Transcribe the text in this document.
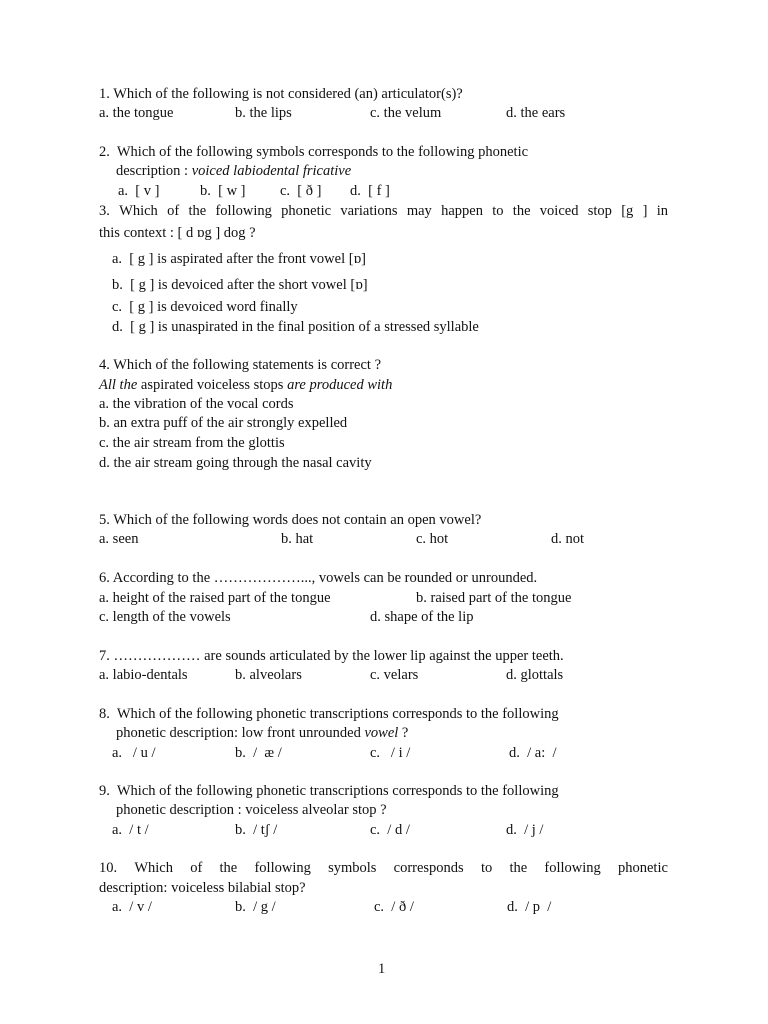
1. Which of the following is not considered (an) articulator(s)?
a. the tongue	b. the lips	c. the velum	d. the ears
2.  Which of the following symbols corresponds to the following phonetic
description : voiced labiodental fricative
a.  [ v ]	b.  [ w ] c.  [ ð ] d.  [ f ]
3. Which of the following phonetic variations may happen to the voiced stop [g ] in
this context : [ d ɒg ] dog ?
a.  [ g ] is aspirated after the front vowel [ɒ]
b.  [ g ] is devoiced after the short vowel [ɒ]
c.  [ g ] is devoiced word finally
d.  [ g ] is unaspirated in the final position of a stressed syllable
4. Which of the following statements is correct ?
All the aspirated voiceless stops are produced with
a. the vibration of the vocal cords
b. an extra puff of the air strongly expelled
c. the air stream from the glottis
d. the air stream going through the nasal cavity
5. Which of the following words does not contain an open vowel?
a. seen	b. hat	c. hot	d. not
6. According to the ………………..., vowels can be rounded or unrounded.
a. height of the raised part of the tongue	b. raised part of the tongue
c. length of the vowels	d. shape of the lip
7. ……………… are sounds articulated by the lower lip against the upper teeth.
a. labio-dentals	b. alveolars	c. velars	d. glottals
8.  Which of the following phonetic transcriptions corresponds to the following
phonetic description: low front unrounded vowel ?
a.   / u /	b.  /  æ /	c.   / i /	d.  / a:  /
9.  Which of the following phonetic transcriptions corresponds to the following
phonetic description : voiceless alveolar stop ?
a.  / t /	b.  / tʃ /	c.  / d /	d.  / j /
10. Which of the following symbols corresponds to the following phonetic
description: voiceless bilabial stop?
a.  / v /	b.  / g /	c.  / ð /	d.  / p  /
1
